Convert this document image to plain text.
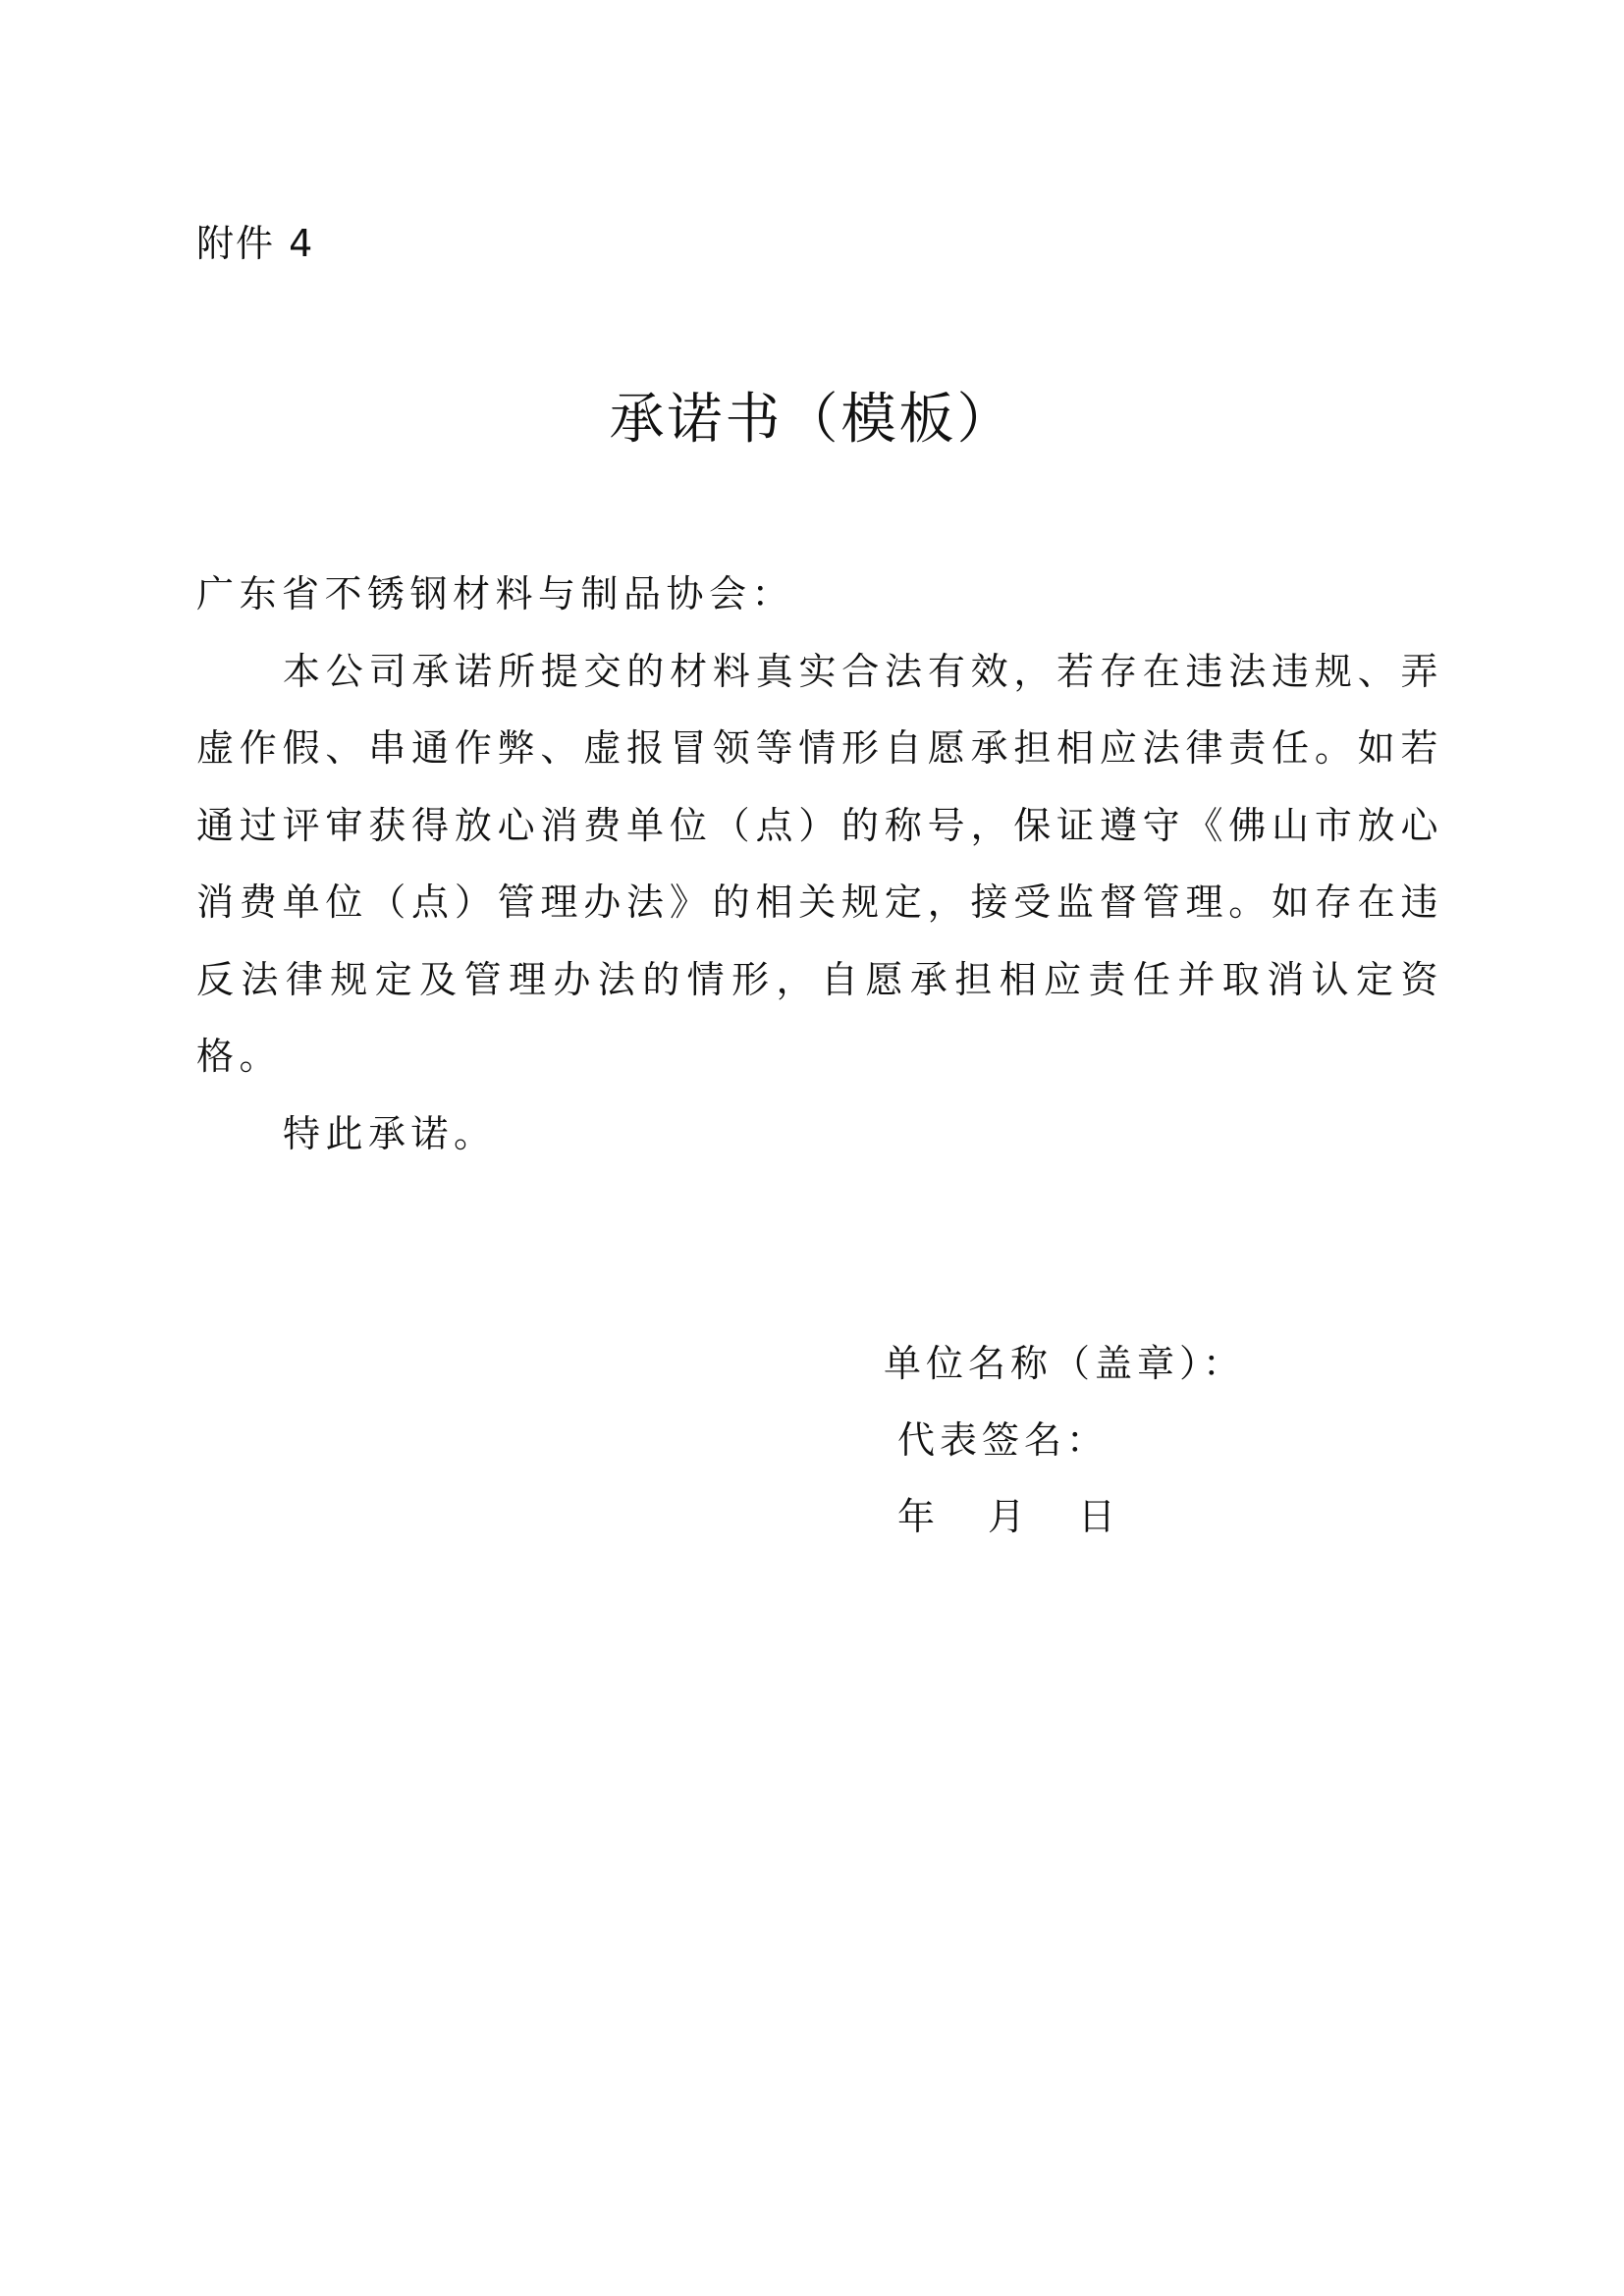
附件 4
承诺书（模板）

广东省不锈钢材料与制品协会：

本公司承诺所提交的材料真实合法有效，若存在违法违规、弄虚作假、串通作弊、虚报冒领等情形自愿承担相应法律责任。如若通过评审获得放心消费单位（点）的称号，保证遵守《佛山市放心消费单位（点）管理办法》的相关规定，接受监督管理。如存在违反法律规定及管理办法的情形，自愿承担相应责任并取消认定资格。

特此承诺。

单位名称（盖章）：
代表签名：
年 月 日
